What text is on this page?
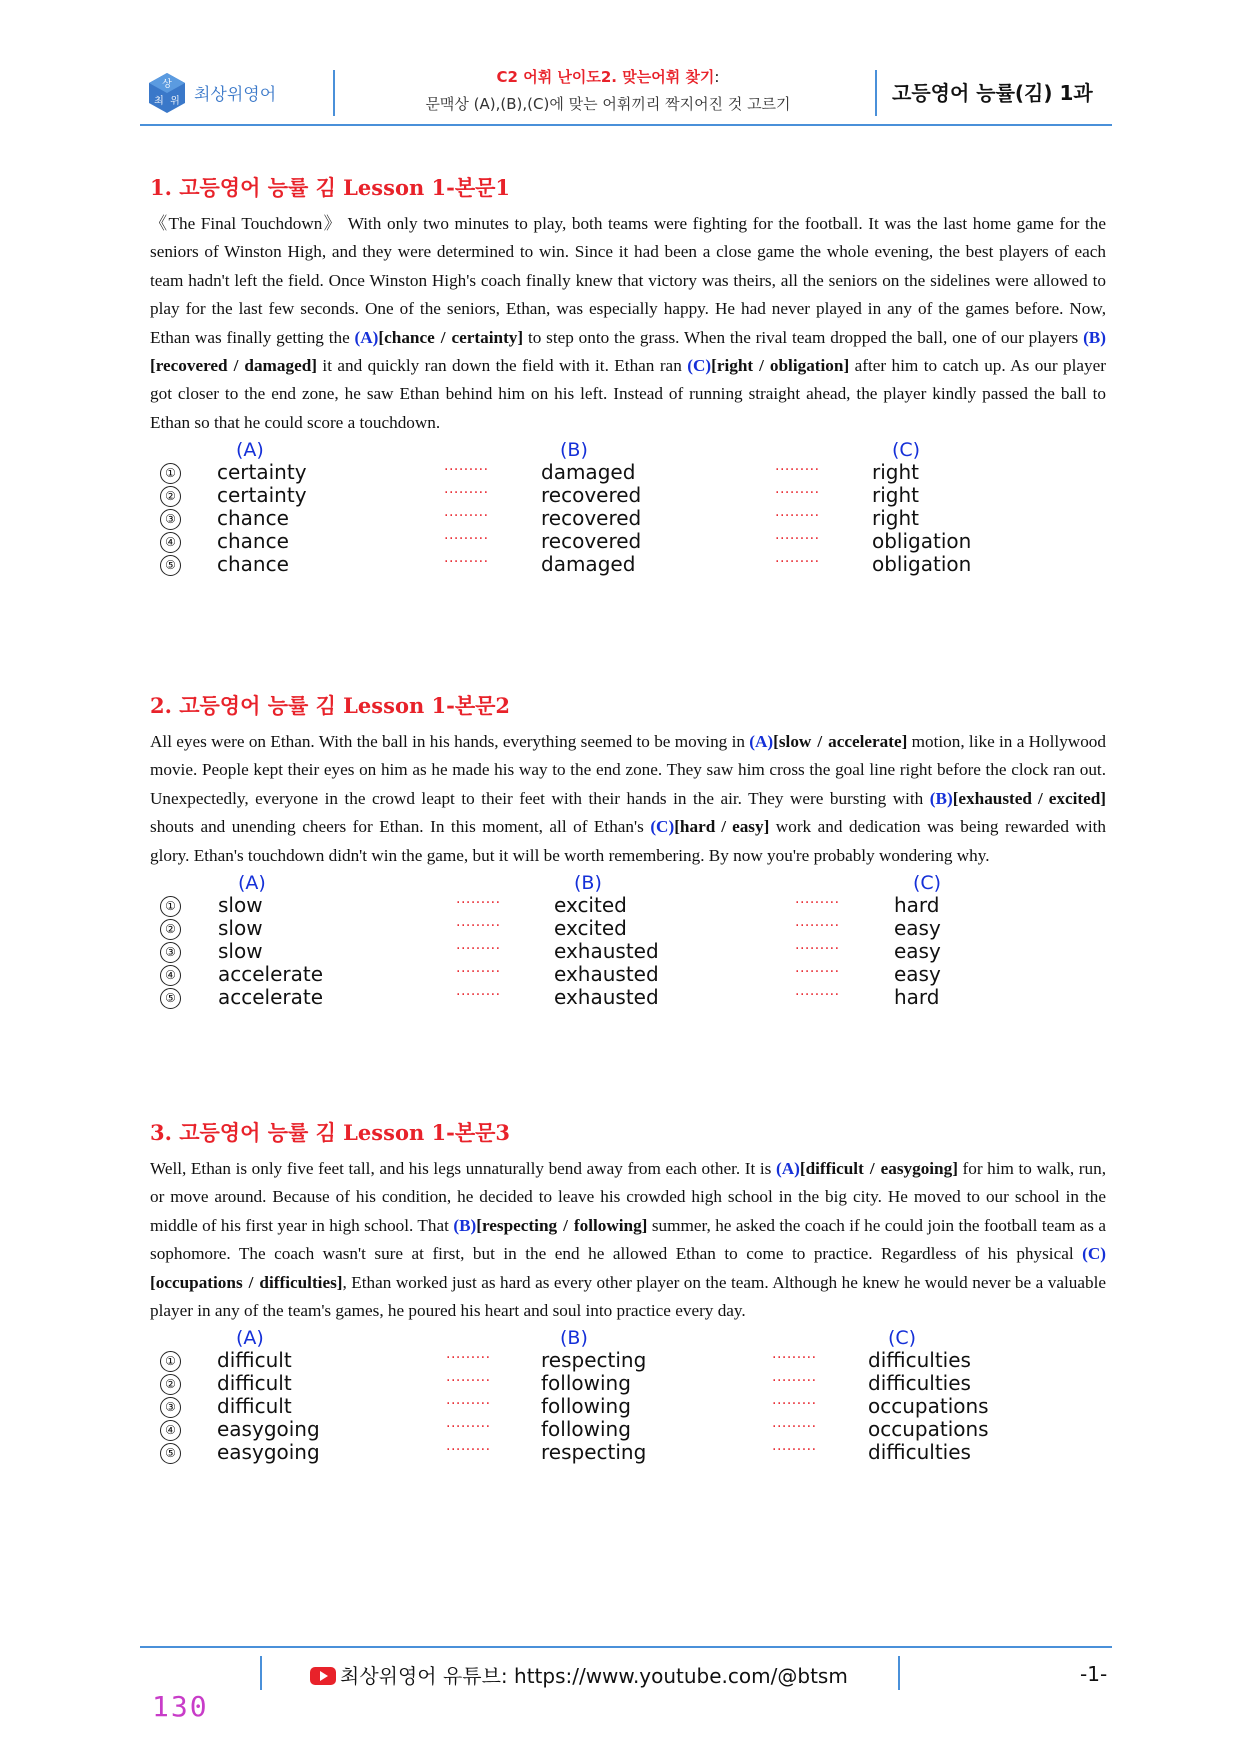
상
최 위 최상위영어
C2 어휘 난이도2. 맞는어휘 찾기:
문맥상 (A),(B),(C)에 맞는 어휘끼리 짝지어진 것 고르기	고등영어 능률(김) 1과
1. 고등영어 능률 김 Lesson 1-본문1

《The Final Touchdown》 With only two minutes to play, both teams were fighting for the football. It was the last home game for the seniors of Winston High, and they were determined to win. Since it had been a close game the whole evening, the best players of each team hadn't left the field. Once Winston High's coach finally knew that victory was theirs, all the seniors on the sidelines were allowed to play for the last few seconds. One of the seniors, Ethan, was especially happy. He had never played in any of the games before. Now, Ethan was finally getting the (A)[chance / certainty] to step onto the grass. When the rival team dropped the ball, one of our players (B)[recovered / damaged] it and quickly ran down the field with it. Ethan ran (C)[right / obligation] after him to catch up. As our player got closer to the end zone, he saw Ethan behind him on his left. Instead of running straight ahead, the player kindly passed the ball to Ethan so that he could score a touchdown.

(A)	(B)	(C)
① certainty	·········	damaged	·········	right
② certainty	·········	recovered	·········	right
③ chance	·········	recovered	·········	right
④ chance	·········	recovered	·········	obligation
⑤ chance	·········	damaged	·········	obligation
2. 고등영어 능률 김 Lesson 1-본문2

All eyes were on Ethan. With the ball in his hands, everything seemed to be moving in (A)[slow / accelerate] motion, like in a Hollywood movie. People kept their eyes on him as he made his way to the end zone. They saw him cross the goal line right before the clock ran out. Unexpectedly, everyone in the crowd leapt to their feet with their hands in the air. They were bursting with (B)[exhausted / excited] shouts and unending cheers for Ethan. In this moment, all of Ethan's (C)[hard / easy] work and dedication was being rewarded with glory. Ethan's touchdown didn't win the game, but it will be worth remembering. By now you're probably wondering why.

(A)	(B)	(C)
① slow	·········	excited	·········	hard
② slow	·········	excited	·········	easy
③ slow	·········	exhausted	·········	easy
④ accelerate	·········	exhausted	·········	easy
⑤ accelerate	·········	exhausted	·········	hard
3. 고등영어 능률 김 Lesson 1-본문3

Well, Ethan is only five feet tall, and his legs unnaturally bend away from each other. It is (A)[difficult / easygoing] for him to walk, run, or move around. Because of his condition, he decided to leave his crowded high school in the big city. He moved to our school in the middle of his first year in high school. That (B)[respecting / following] summer, he asked the coach if he could join the football team as a sophomore. The coach wasn't sure at first, but in the end he allowed Ethan to come to practice. Regardless of his physical (C)[occupations / difficulties], Ethan worked just as hard as every other player on the team. Although he knew he would never be a valuable player in any of the team's games, he poured his heart and soul into practice every day.

(A)	(B)	(C)
① difficult	·········	respecting	·········	difficulties
② difficult	·········	following	·········	difficulties
③ difficult	·········	following	·········	occupations
④ easygoing	·········	following	·········	occupations
⑤ easygoing	·········	respecting	·········	difficulties
최상위영어 유튜브: https://www.youtube.com/@btsm	-1-
130
